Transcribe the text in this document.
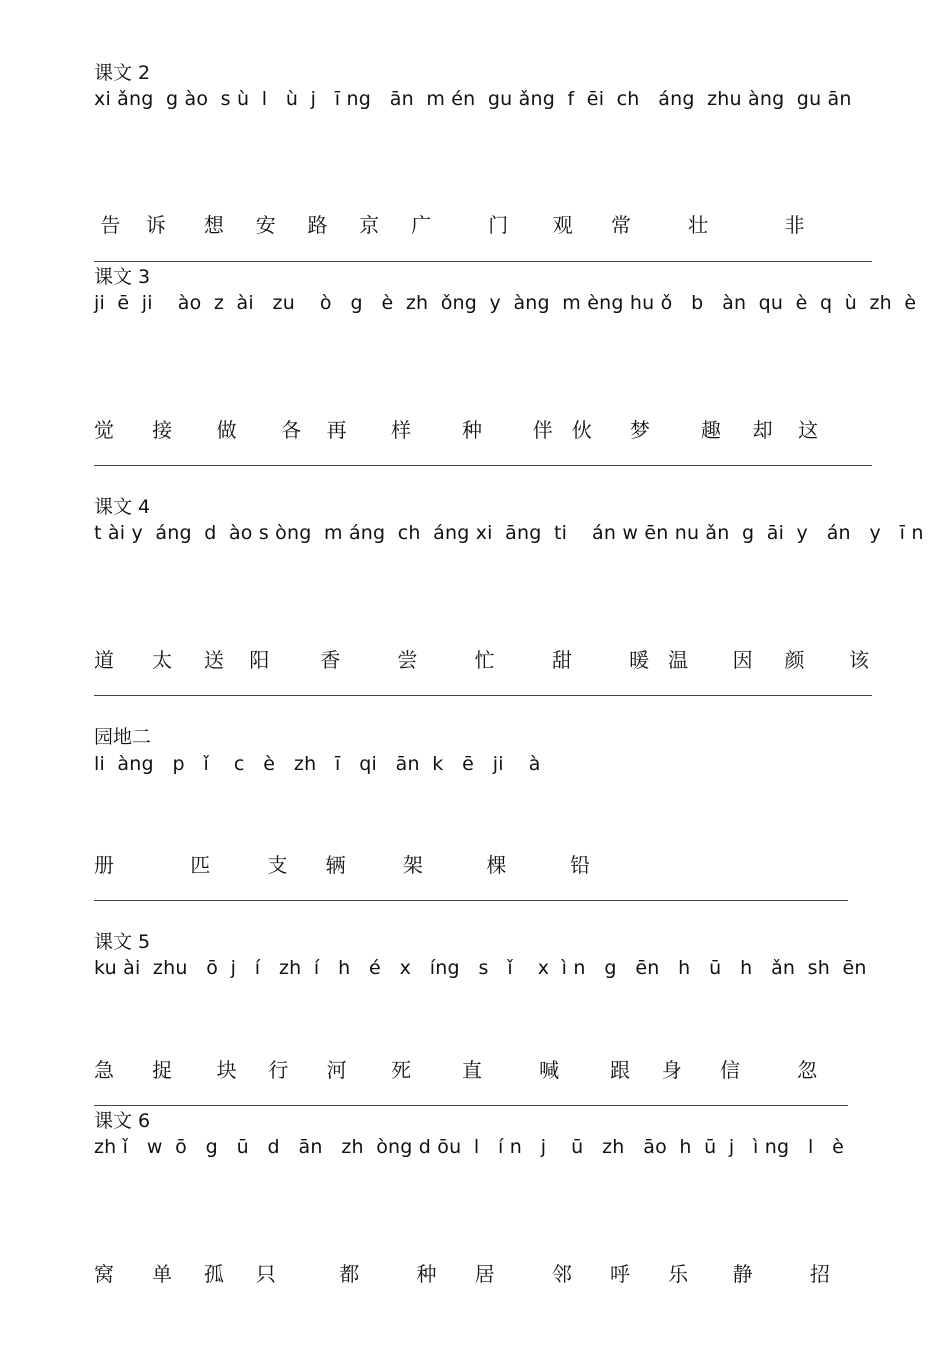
课文 2
xi ǎng  g ào  s ù  l   ù  j   ī ng   ān  m én  gu ǎng  f  ēi  ch   áng  zhu àng  gu ān
告    诉      想     安     路     京     广         门       观      常         壮            非
课文 3
ji  ē  ji    ào  z  ài   zu    ò   g   è  zh  ǒng  y  àng  m èng hu ǒ   b   àn  qu  è  q  ù  zh  è
觉      接       做       各    再       样        种        伴   伙      梦        趣     却    这
课文 4
t ài y  áng  d  ào s òng  m áng  ch  áng xi  āng  ti    án w ēn nu ǎn  g  āi  y   án   y   ī n
道      太     送    阳        香         尝         忙         甜         暖   温       因     颜       该
园地二
li  àng   p   ǐ    c   è   zh   ī   qi   ān  k   ē   ji    à
册            匹         支      辆         架          棵          铅
课文 5
ku ài  zhu   ō  j   í   zh  í   h   é   x   íng   s   ǐ    x  ì n   g   ēn   h   ū   h   ǎn  sh  ēn
急      捉       块     行      河       死        直         喊        跟     身      信         忽
课文 6
zh ǐ   w  ō   g   ū   d   ān   zh  òng d ōu  l   í n   j    ū   zh   āo  h  ū  j   ì ng   l   è
窝      单     孤     只          都         种      居         邻      呼      乐       静         招
